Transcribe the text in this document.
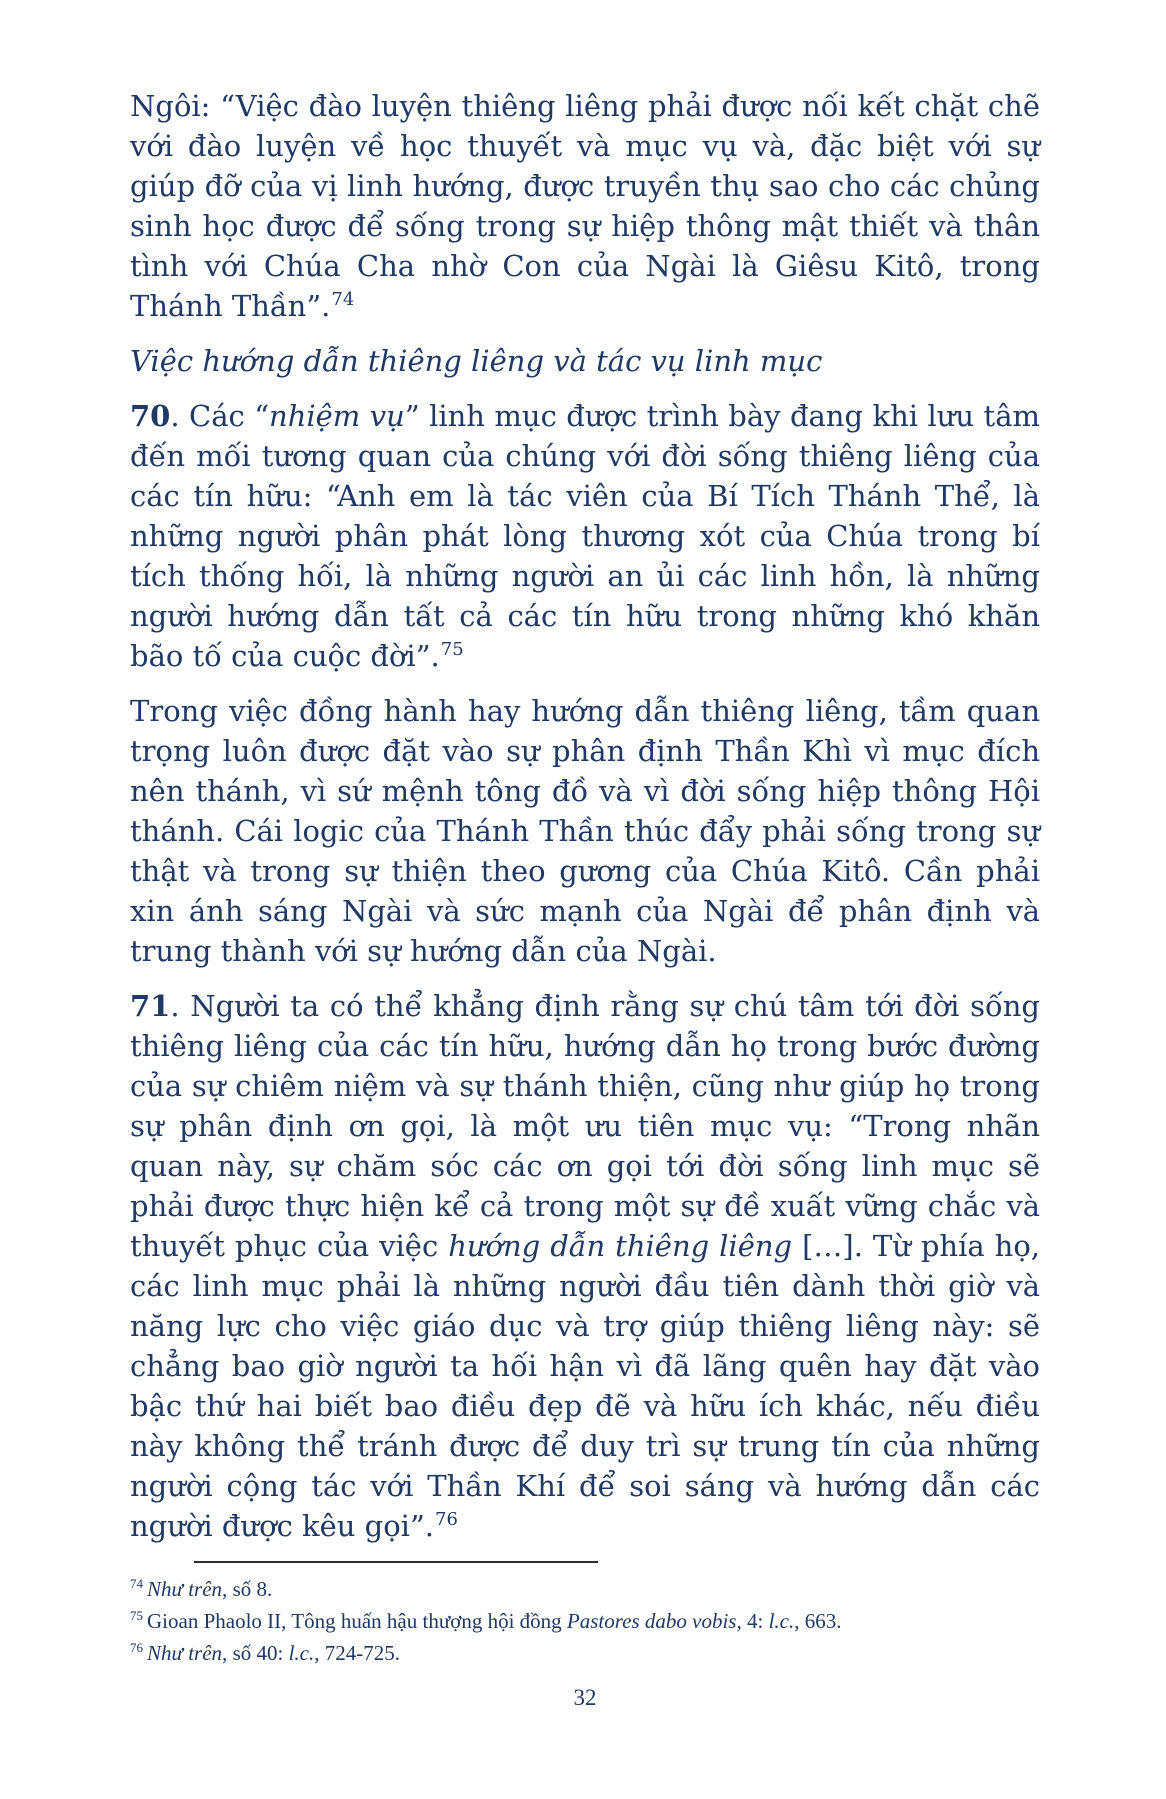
Ngôi: “Việc đào luyện thiêng liêng phải được nối kết chặt chẽ với đào luyện về học thuyết và mục vụ và, đặc biệt với sự giúp đỡ của vị linh hướng, được truyền thụ sao cho các chủng sinh học được để sống trong sự hiệp thông mật thiết và thân tình với Chúa Cha nhờ Con của Ngài là Giêsu Kitô, trong Thánh Thần”.$^{74}$

Việc hướng dẫn thiêng liêng và tác vụ linh mục

70. Các “nhiệm vụ” linh mục được trình bày đang khi lưu tâm đến mối tương quan của chúng với đời sống thiêng liêng của các tín hữu: “Anh em là tác viên của Bí Tích Thánh Thể, là những người phân phát lòng thương xót của Chúa trong bí tích thống hối, là những người an ủi các linh hồn, là những người hướng dẫn tất cả các tín hữu trong những khó khăn bão tố của cuộc đời”.$^{75}$

Trong việc đồng hành hay hướng dẫn thiêng liêng, tầm quan trọng luôn được đặt vào sự phân định Thần Khì vì mục đích nên thánh, vì sứ mệnh tông đồ và vì đời sống hiệp thông Hội thánh. Cái logic của Thánh Thần thúc đẩy phải sống trong sự thật và trong sự thiện theo gương của Chúa Kitô. Cần phải xin ánh sáng Ngài và sức mạnh của Ngài để phân định và trung thành với sự hướng dẫn của Ngài.

71. Người ta có thể khẳng định rằng sự chú tâm tới đời sống thiêng liêng của các tín hữu, hướng dẫn họ trong bước đường của sự chiêm niệm và sự thánh thiện, cũng như giúp họ trong sự phân định ơn gọi, là một ưu tiên mục vụ: “Trong nhãn quan này, sự chăm sóc các ơn gọi tới đời sống linh mục sẽ phải được thực hiện kể cả trong một sự đề xuất vững chắc và thuyết phục của việc hướng dẫn thiêng liêng […]. Từ phía họ, các linh mục phải là những người đầu tiên dành thời giờ và năng lực cho việc giáo dục và trợ giúp thiêng liêng này: sẽ chẳng bao giờ người ta hối hận vì đã lãng quên hay đặt vào bậc thứ hai biết bao điều đẹp đẽ và hữu ích khác, nếu điều này không thể tránh được để duy trì sự trung tín của những người cộng tác với Thần Khí để soi sáng và hướng dẫn các người được kêu gọi”.$^{76}$

$^{74}$ Như trên, số 8.
$^{75}$ Gioan Phaolo II, Tông huấn hậu thượng hội đồng Pastores dabo vobis, 4: l.c., 663.
$^{76}$ Như trên, số 40: l.c., 724-725.
32
